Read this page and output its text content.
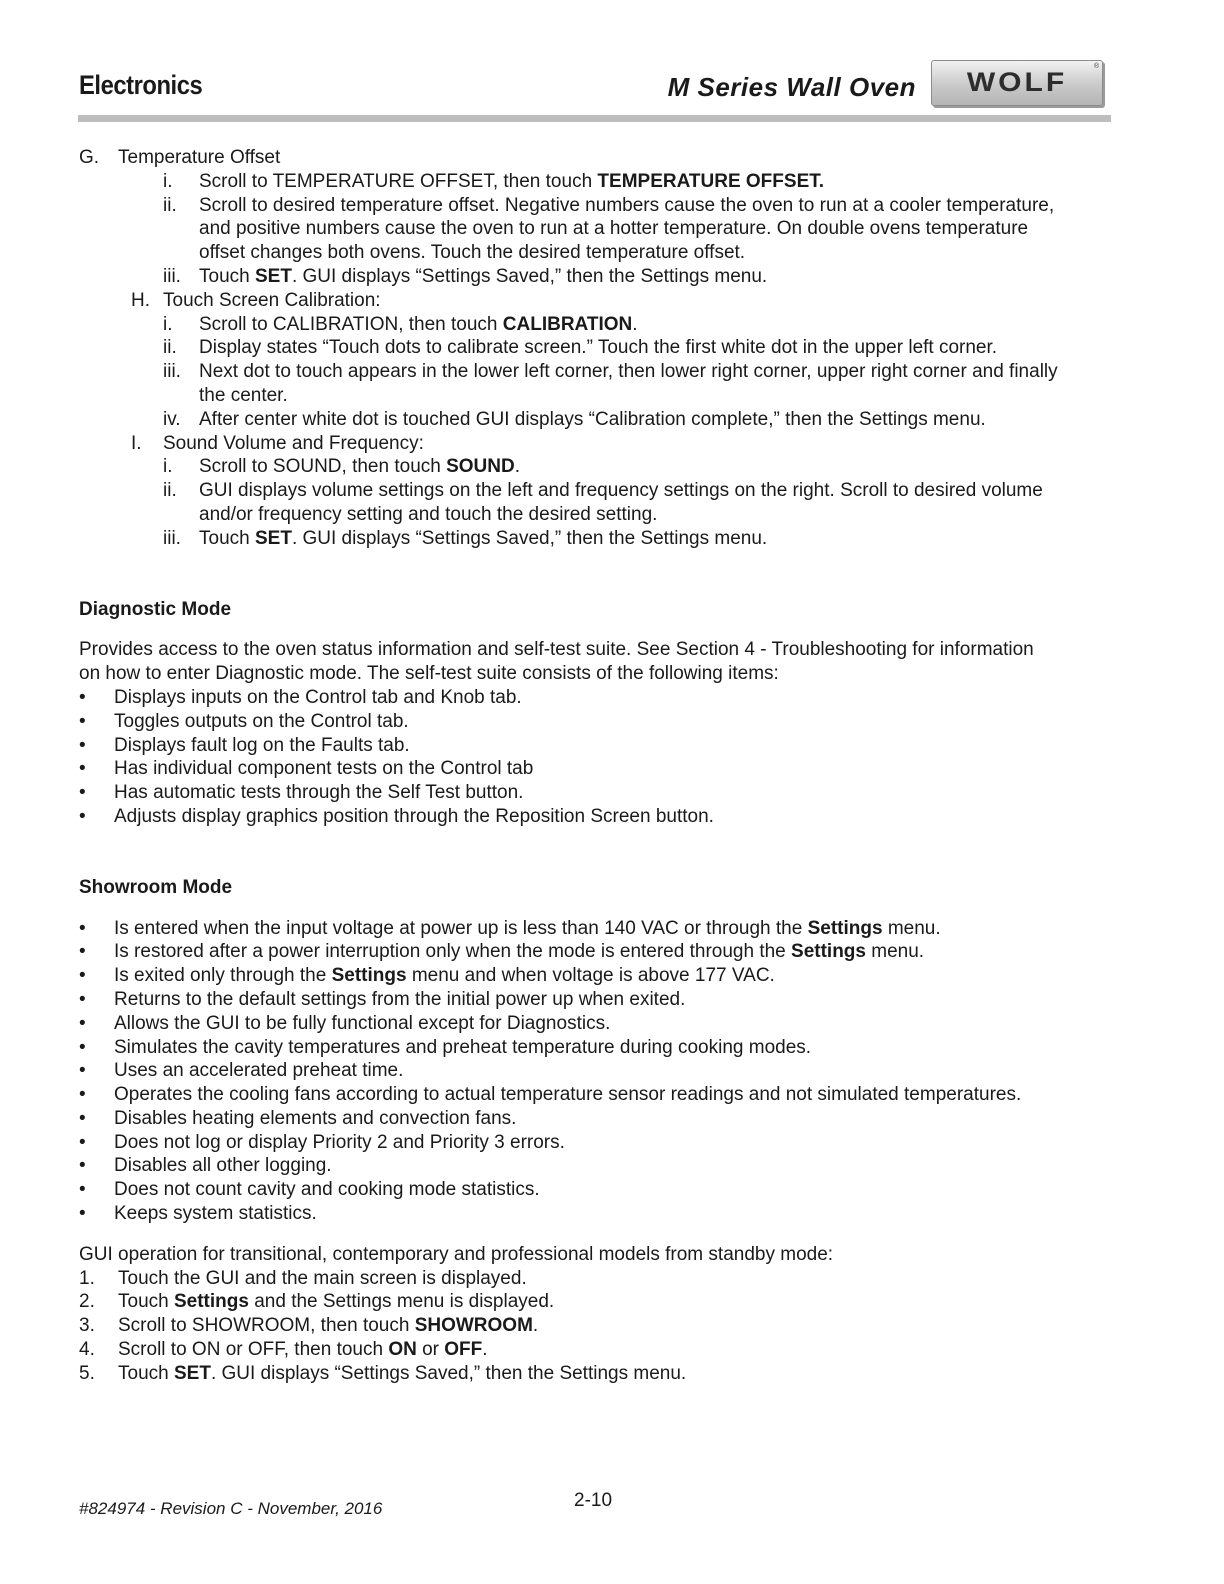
Electronics	M Series Wall Oven WOLF
®
G. Temperature Offset
i. Scroll to TEMPERATURE OFFSET, then touch TEMPERATURE OFFSET.
ii. Scroll to desired temperature offset. Negative numbers cause the oven to run at a cooler temperature,
and positive numbers cause the oven to run at a hotter temperature. On double ovens temperature
offset changes both ovens. Touch the desired temperature offset.
iii. Touch SET. GUI displays “Settings Saved,” then the Settings menu.
H. Touch Screen Calibration:
i. Scroll to CALIBRATION, then touch CALIBRATION.
ii. Display states “Touch dots to calibrate screen.” Touch the first white dot in the upper left corner.
iii. Next dot to touch appears in the lower left corner, then lower right corner, upper right corner and finally
the center.
iv. After center white dot is touched GUI displays “Calibration complete,” then the Settings menu.
I. Sound Volume and Frequency:
i. Scroll to SOUND, then touch SOUND.
ii. GUI displays volume settings on the left and frequency settings on the right. Scroll to desired volume
and/or frequency setting and touch the desired setting.
iii. Touch SET. GUI displays “Settings Saved,” then the Settings menu.
Diagnostic Mode
Provides access to the oven status information and self-test suite. See Section 4 - Troubleshooting for information
on how to enter Diagnostic mode. The self-test suite consists of the following items:
• Displays inputs on the Control tab and Knob tab.
• Toggles outputs on the Control tab.
• Displays fault log on the Faults tab.
• Has individual component tests on the Control tab
• Has automatic tests through the Self Test button.
• Adjusts display graphics position through the Reposition Screen button.
Showroom Mode
• Is entered when the input voltage at power up is less than 140 VAC or through the Settings menu.
• Is restored after a power interruption only when the mode is entered through the Settings menu.
• Is exited only through the Settings menu and when voltage is above 177 VAC.
• Returns to the default settings from the initial power up when exited.
• Allows the GUI to be fully functional except for Diagnostics.
• Simulates the cavity temperatures and preheat temperature during cooking modes.
• Uses an accelerated preheat time.
• Operates the cooling fans according to actual temperature sensor readings and not simulated temperatures.
• Disables heating elements and convection fans.
• Does not log or display Priority 2 and Priority 3 errors.
• Disables all other logging.
• Does not count cavity and cooking mode statistics.
• Keeps system statistics.
GUI operation for transitional, contemporary and professional models from standby mode:
1. Touch the GUI and the main screen is displayed.
2. Touch Settings and the Settings menu is displayed.
3. Scroll to SHOWROOM, then touch SHOWROOM.
4. Scroll to ON or OFF, then touch ON or OFF.
5. Touch SET. GUI displays “Settings Saved,” then the Settings menu.
#824974 - Revision C - November, 2016	2-10
